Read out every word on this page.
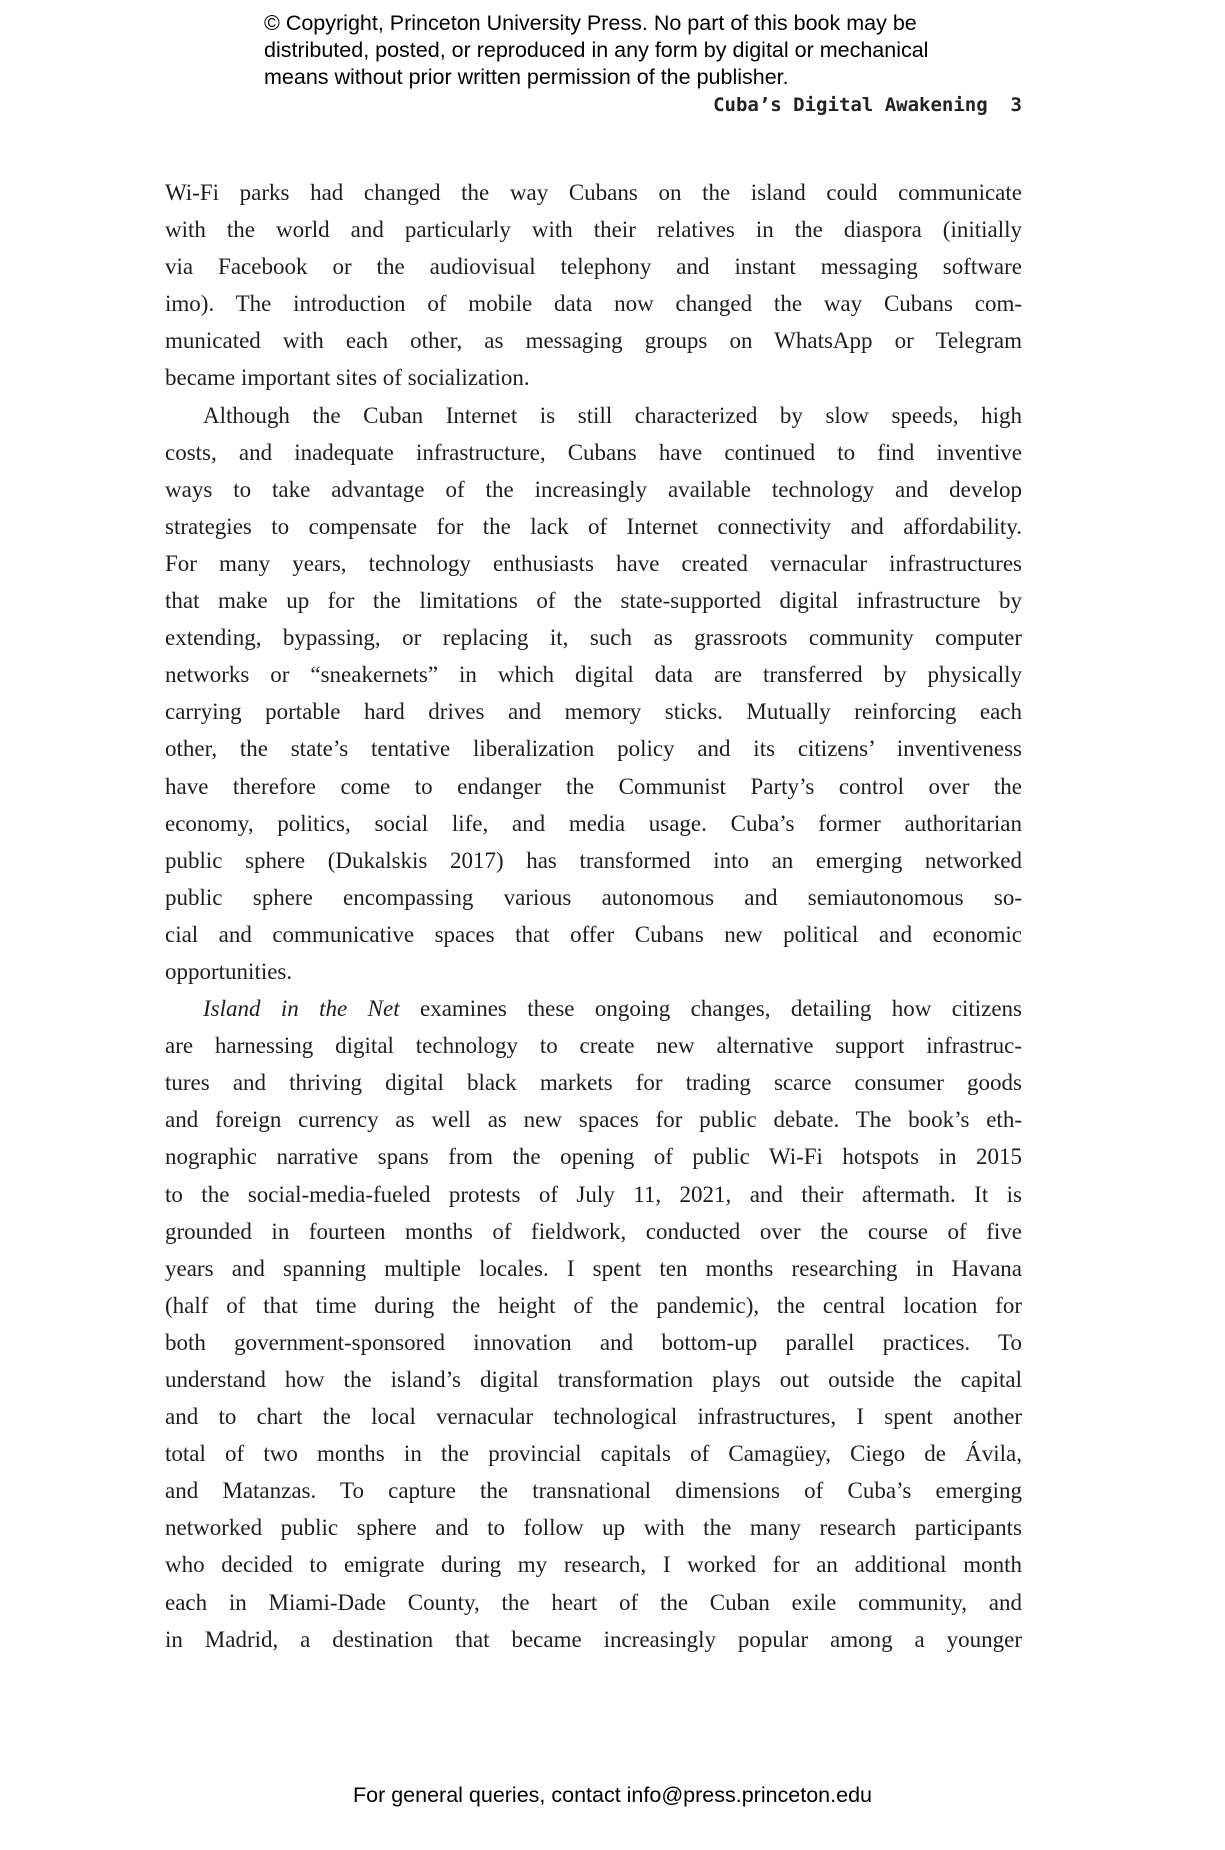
© Copyright, Princeton University Press. No part of this book may be
distributed, posted, or reproduced in any form by digital or mechanical
means without prior written permission of the publisher.
Cuba’s Digital Awakening 3
Wi-Fi parks had changed the way Cubans on the island could communicate
with the world and particularly with their relatives in the diaspora (initially
via Facebook or the audiovisual telephony and instant messaging software
imo). The introduction of mobile data now changed the way Cubans com-
municated with each other, as messaging groups on WhatsApp or Telegram
became important sites of socialization.
Although the Cuban Internet is still characterized by slow speeds, high
costs, and inadequate infrastructure, Cubans have continued to find inventive
ways to take advantage of the increasingly available technology and develop
strategies to compensate for the lack of Internet connectivity and affordability.
For many years, technology enthusiasts have created vernacular infrastructures
that make up for the limitations of the state-supported digital infrastructure by
extending, bypassing, or replacing it, such as grassroots community computer
networks or “sneakernets” in which digital data are transferred by physically
carrying portable hard drives and memory sticks. Mutually reinforcing each
other, the state’s tentative liberalization policy and its citizens’ inventiveness
have therefore come to endanger the Communist Party’s control over the
economy, politics, social life, and media usage. Cuba’s former authoritarian
public sphere (Dukalskis 2017) has transformed into an emerging networked
public sphere encompassing various autonomous and semiautonomous so-
cial and communicative spaces that offer Cubans new political and economic
opportunities.
Island in the Net examines these ongoing changes, detailing how citizens
are harnessing digital technology to create new alternative support infrastruc-
tures and thriving digital black markets for trading scarce consumer goods
and foreign currency as well as new spaces for public debate. The book’s eth-
nographic narrative spans from the opening of public Wi-Fi hotspots in 2015
to the social-media-fueled protests of July 11, 2021, and their aftermath. It is
grounded in fourteen months of fieldwork, conducted over the course of five
years and spanning multiple locales. I spent ten months researching in Havana
(half of that time during the height of the pandemic), the central location for
both government-sponsored innovation and bottom-up parallel practices. To
understand how the island’s digital transformation plays out outside the capital
and to chart the local vernacular technological infrastructures, I spent another
total of two months in the provincial capitals of Camagüey, Ciego de Ávila,
and Matanzas. To capture the transnational dimensions of Cuba’s emerging
networked public sphere and to follow up with the many research participants
who decided to emigrate during my research, I worked for an additional month
each in Miami-Dade County, the heart of the Cuban exile community, and
in Madrid, a destination that became increasingly popular among a younger
For general queries, contact info@press.princeton.edu
